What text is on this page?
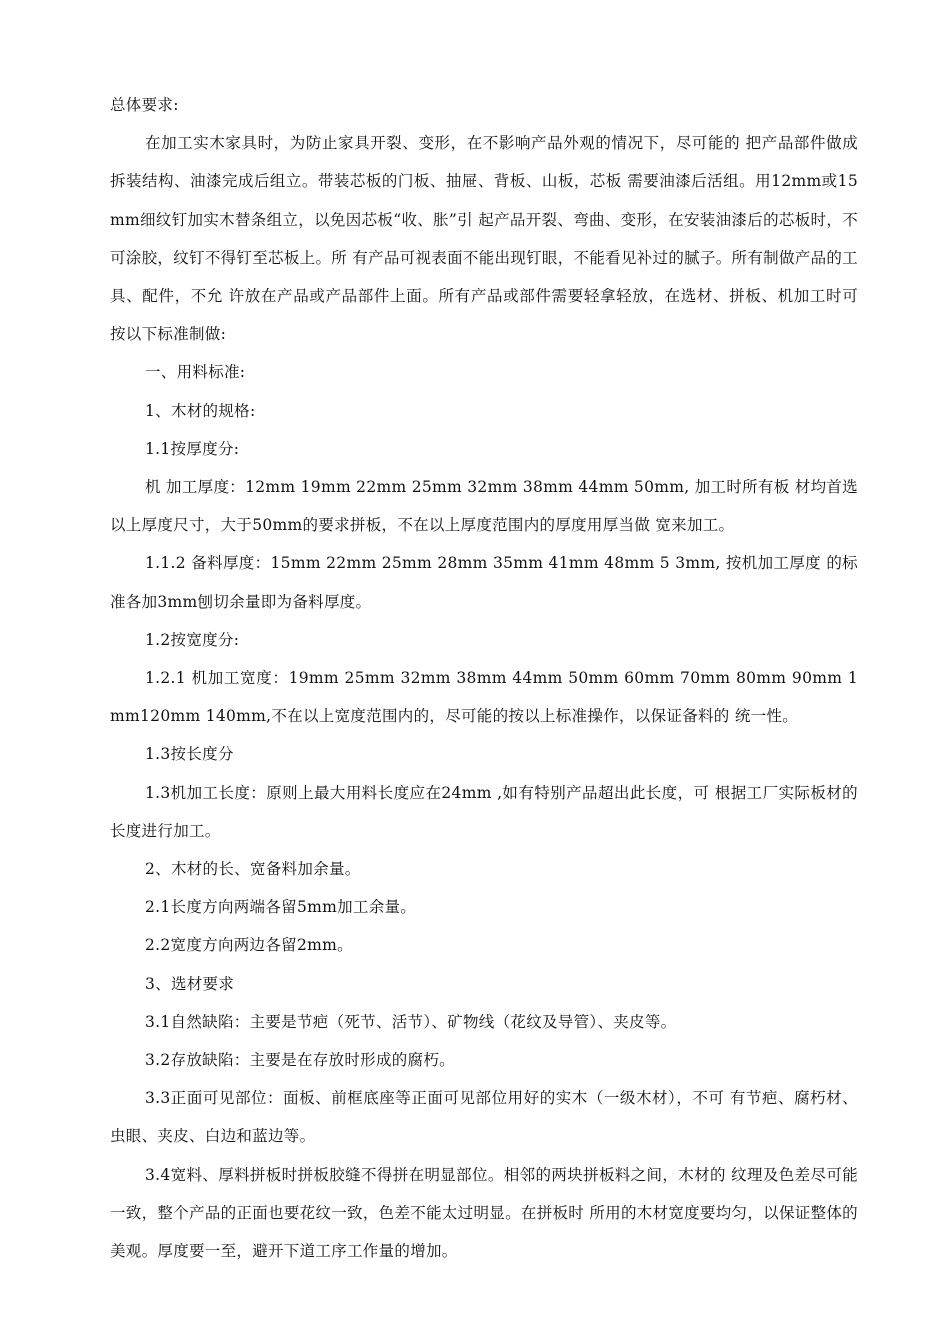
总体要求:

在加工实木家具时，为防止家具开裂、变形，在不影响产品外观的情况下，尽可能的 把产品部件做成拆装结构、油漆完成后组立。带装芯板的门板、抽屉、背板、山板，芯板 需要油漆后活组。用12mm或15mm细纹钉加实木替条组立，以免因芯板“收、胀”引 起产品开裂、弯曲、变形，在安装油漆后的芯板时，不可涂胶，纹钉不得钉至芯板上。所 有产品可视表面不能出现钉眼，不能看见补过的腻子。所有制做产品的工具、配件，不允 许放在产品或产品部件上面。所有产品或部件需要轻拿轻放，在选材、拼板、机加工时可 按以下标准制做:

一、用料标准:

1、木材的规格:

1.1按厚度分:

机 加工厚度：12mm 19mm 22mm 25mm 32mm 38mm 44mm 50mm, 加工时所有板 材均首选以上厚度尺寸，大于50mm的要求拼板，不在以上厚度范围内的厚度用厚当做 宽来加工。

1.1.2 备料厚度：15mm 22mm 25mm 28mm 35mm 41mm 48mm 5 3mm, 按机加工厚度 的标准各加3mm刨切余量即为备料厚度。

1.2按宽度分:

1.2.1 机加工宽度：19mm 25mm 32mm 38mm 44mm 50mm 60mm 70mm 80mm 90mm 1mm120mm 140mm,不在以上宽度范围内的，尽可能的按以上标准操作，以保证备料的 统一性。

1.3按长度分

1.3机加工长度：原则上最大用料长度应在24mm ,如有特别产品超出此长度，可 根据工厂实际板材的长度进行加工。

2、木材的长、宽备料加余量。

2.1长度方向两端各留5mm加工余量。

2.2宽度方向两边各留2mm。

3、选材要求

3.1自然缺陷：主要是节疤（死节、活节）、矿物线（花纹及导管）、夹皮等。

3.2存放缺陷：主要是在存放时形成的腐朽。

3.3正面可见部位：面板、前框底座等正面可见部位用好的实木（一级木材），不可 有节疤、腐朽材、虫眼、夹皮、白边和蓝边等。

3.4宽料、厚料拼板时拼板胶缝不得拼在明显部位。相邻的两块拼板料之间，木材的 纹理及色差尽可能一致，整个产品的正面也要花纹一致，色差不能太过明显。在拼板时 所用的木材宽度要均匀，以保证整体的美观。厚度要一至，避开下道工序工作量的增加。
